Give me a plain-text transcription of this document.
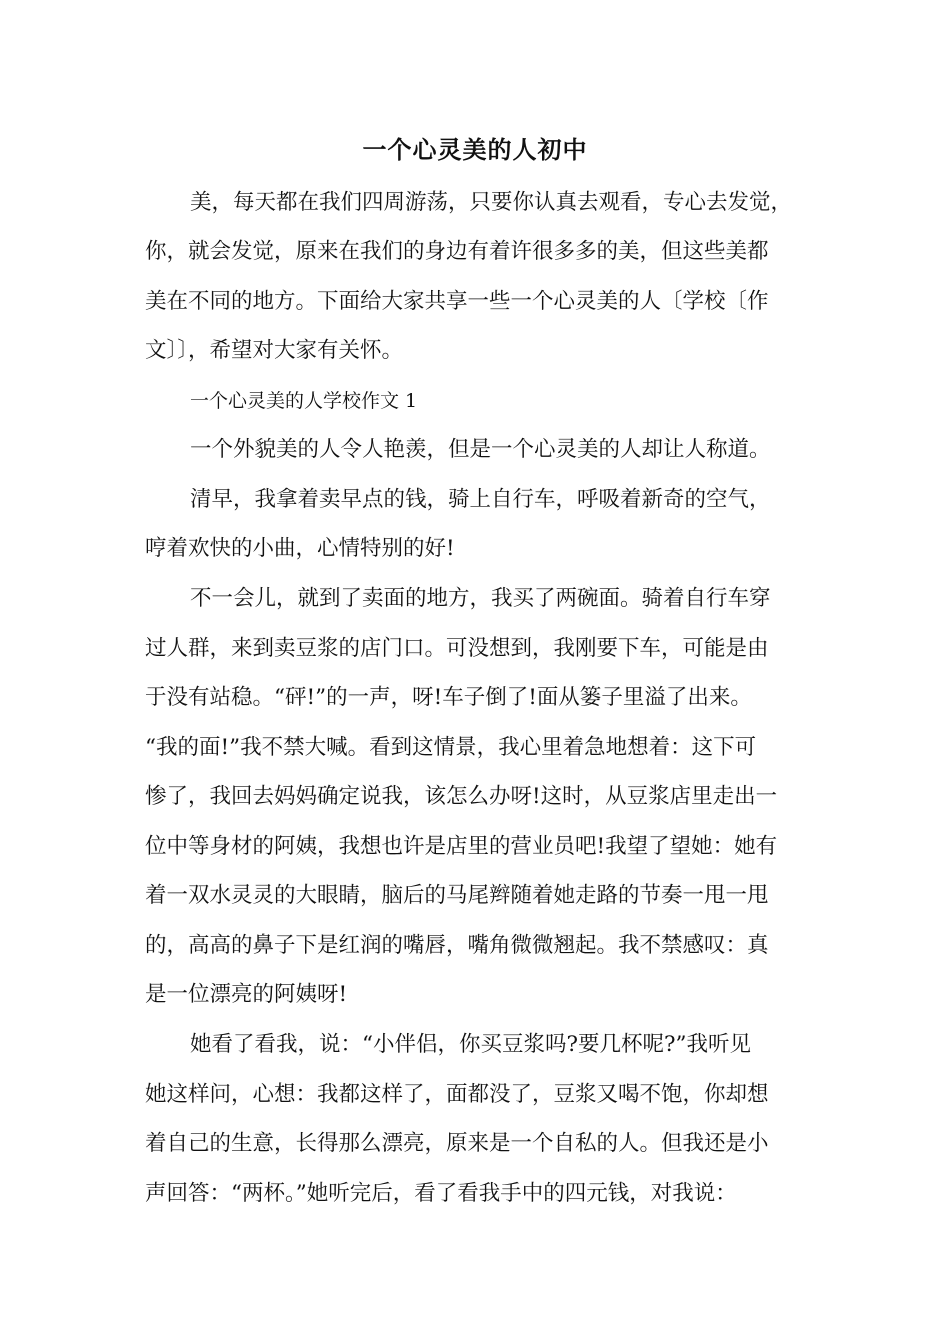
一个心灵美的人初中
美，每天都在我们四周游荡，只要你认真去观看，专心去发觉，
你，就会发觉，原来在我们的身边有着许很多多的美，但这些美都
美在不同的地方。下面给大家共享一些一个心灵美的人〔学校〔作
文〕〕，希望对大家有关怀。
一个心灵美的人学校作文 1
一个外貌美的人令人艳羡，但是一个心灵美的人却让人称道。
清早，我拿着卖早点的钱，骑上自行车，呼吸着新奇的空气，
哼着欢快的小曲，心情特别的好!
不一会儿，就到了卖面的地方，我买了两碗面。骑着自行车穿
过人群，来到卖豆浆的店门口。可没想到，我刚要下车，可能是由
于没有站稳。“砰!”的一声，呀!车子倒了!面从篓子里溢了出来。
“我的面!”我不禁大喊。看到这情景，我心里着急地想着：这下可
惨了，我回去妈妈确定说我，该怎么办呀!这时，从豆浆店里走出一
位中等身材的阿姨，我想也许是店里的营业员吧!我望了望她：她有
着一双水灵灵的大眼睛，脑后的马尾辫随着她走路的节奏一甩一甩
的，高高的鼻子下是红润的嘴唇，嘴角微微翘起。我不禁感叹：真
是一位漂亮的阿姨呀!
她看了看我，说：“小伴侣，你买豆浆吗?要几杯呢?”我听见
她这样问，心想：我都这样了，面都没了，豆浆又喝不饱，你却想
着自己的生意，长得那么漂亮，原来是一个自私的人。但我还是小
声回答：“两杯。”她听完后，看了看我手中的四元钱，对我说：
